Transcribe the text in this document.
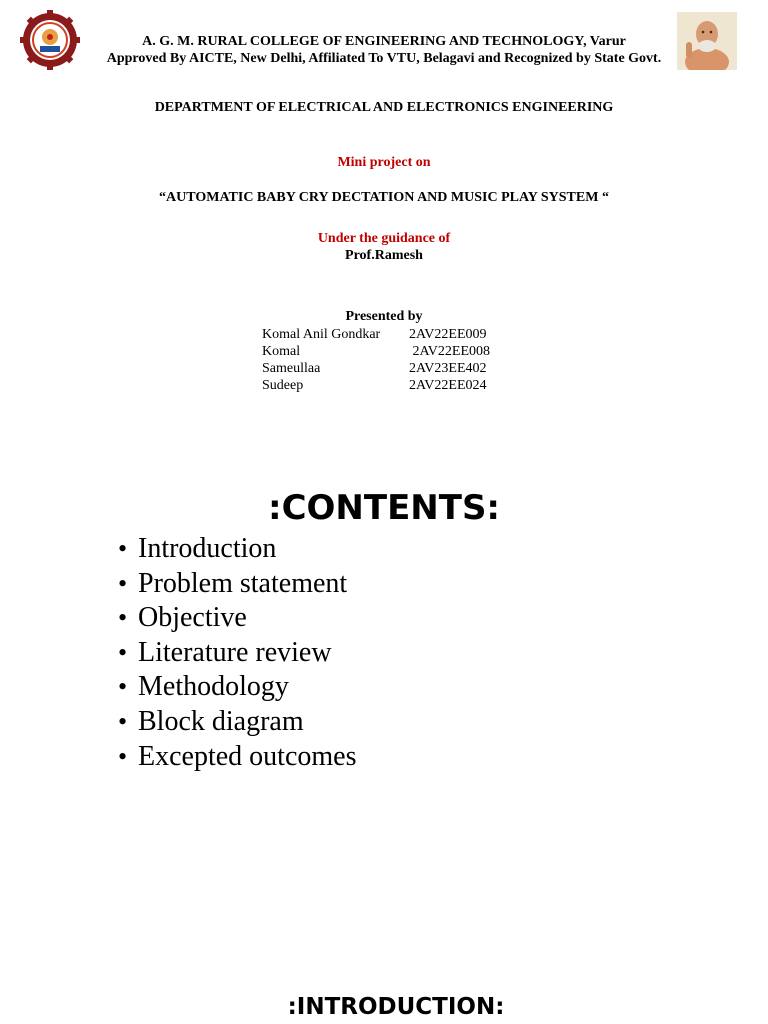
A. G. M. RURAL COLLEGE OF ENGINEERING AND TECHNOLOGY, Varur
Approved By AICTE, New Delhi, Affiliated To VTU, Belagavi and Recognized by State Govt.
DEPARTMENT OF ELECTRICAL AND ELECTRONICS ENGINEERING
Mini project on
“AUTOMATIC BABY CRY DECTATION AND MUSIC PLAY SYSTEM “
Under the guidance of
Prof.Ramesh
Presented by
Komal Anil Gondkar	2AV22EE009
Komal	2AV22EE008
Sameullaa	2AV23EE402
Sudeep	2AV22EE024
:CONTENTS:
• Introduction
• Problem statement
• Objective
• Literature review
• Methodology
• Block diagram
• Excepted outcomes
:INTRODUCTION:
